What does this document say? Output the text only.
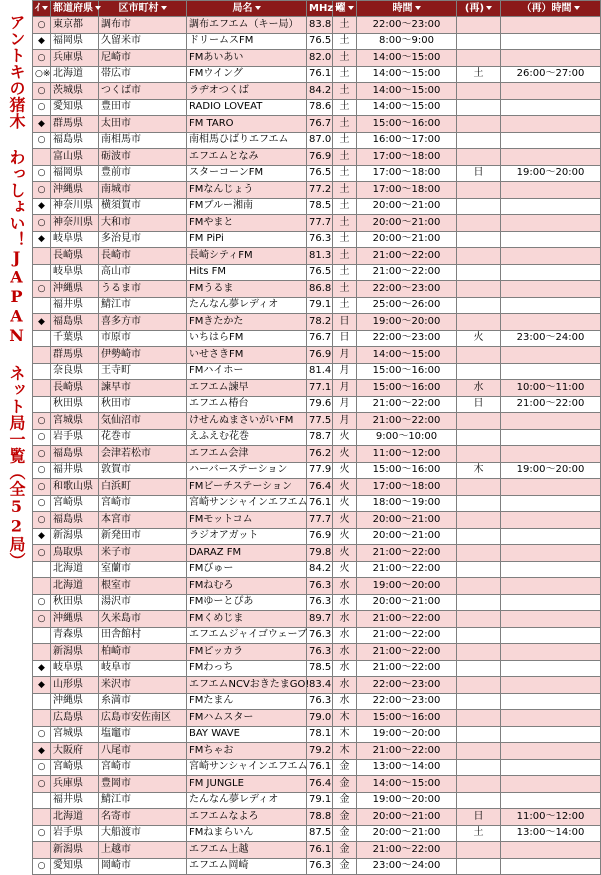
アントキの猪木 わっしょい！JAPAN ネット局一覧（全52局）
ｲ	都道府県	区市町村	局名	MHz	曜	時間	(再)	（再）時間
○	東京都	調布市	調布エフエム（キー局）	83.8	土	22:00～23:00		
◆	福岡県	久留米市	ドリームスFM	76.5	土	8:00～9:00		
○	兵庫県	尼崎市	FMあいあい	82.0	土	14:00～15:00		
○※	北海道	帯広市	FMウイング	76.1	土	14:00～15:00	土	26:00～27:00
○	茨城県	つくば市	ラヂオつくば	84.2	土	14:00～15:00		
○	愛知県	豊田市	RADIO LOVEAT	78.6	土	14:00～15:00		
◆	群馬県	太田市	FM TARO	76.7	土	15:00～16:00		
○	福島県	南相馬市	南相馬ひばりエフエム	87.0	土	16:00～17:00		
	富山県	砺波市	エフエムとなみ	76.9	土	17:00～18:00		
○	福岡県	豊前市	スターコーンFM	76.5	土	17:00～18:00	日	19:00～20:00
○	沖縄県	南城市	FMなんじょう	77.2	土	17:00～18:00		
◆	神奈川県	横須賀市	FMブルー湘南	78.5	土	20:00～21:00		
○	神奈川県	大和市	FMやまと	77.7	土	20:00～21:00		
◆	岐阜県	多治見市	FM PiPi	76.3	土	20:00～21:00		
	長崎県	長崎市	長崎シティFM	81.3	土	21:00～22:00		
	岐阜県	高山市	Hits FM	76.5	土	21:00～22:00		
○	沖縄県	うるま市	FMうるま	86.8	土	22:00～23:00		
	福井県	鯖江市	たんなん夢レディオ	79.1	土	25:00～26:00		
◆	福島県	喜多方市	FMきたかた	78.2	日	19:00～20:00		
	千葉県	市原市	いちはらFM	76.7	日	22:00～23:00	火	23:00～24:00
	群馬県	伊勢崎市	いせさきFM	76.9	月	14:00～15:00		
	奈良県	王寺町	FMハイホー	81.4	月	15:00～16:00		
	長崎県	諫早市	エフエム諫早	77.1	月	15:00～16:00	水	10:00～11:00
	秋田県	秋田市	エフエム椿台	79.6	月	21:00～22:00	日	21:00～22:00
○	宮城県	気仙沼市	けせんぬまさいがいFM	77.5	月	21:00～22:00		
○	岩手県	花巻市	えふえむ花巻	78.7	火	9:00～10:00		
○	福島県	会津若松市	エフエム会津	76.2	火	11:00～12:00		
○	福井県	敦賀市	ハーバーステーション	77.9	火	15:00～16:00	木	19:00～20:00
○	和歌山県	白浜町	FMビーチステーション	76.4	火	17:00～18:00		
○	宮崎県	宮崎市	宮崎サンシャインエフエム	76.1	火	18:00～19:00		
○	福島県	本宮市	FMモットコム	77.7	火	20:00～21:00		
◆	新潟県	新発田市	ラジオアガット	76.9	火	20:00～21:00		
○	鳥取県	米子市	DARAZ FM	79.8	火	21:00～22:00		
	北海道	室蘭市	FMびゅー	84.2	火	21:00～22:00		
	北海道	根室市	FMねむろ	76.3	水	19:00～20:00		
○	秋田県	湯沢市	FMゆーとぴあ	76.3	水	20:00～21:00		
○	沖縄県	久米島市	FMくめじま	89.7	水	21:00～22:00		
	青森県	田舎館村	エフエムジャイゴウェーブ	76.3	水	21:00～22:00		
	新潟県	柏崎市	FMピッカラ	76.3	水	21:00～22:00		
◆	岐阜県	岐阜市	FMわっち	78.5	水	21:00～22:00		
◆	山形県	米沢市	エフエムNCVおきたまGO!	83.4	水	22:00～23:00		
	沖縄県	糸満市	FMたまん	76.3	水	22:00～23:00		
	広島県	広島市安佐南区	FMハムスター	79.0	木	15:00～16:00		
○	宮城県	塩竈市	BAY WAVE	78.1	木	19:00～20:00		
◆	大阪府	八尾市	FMちゃお	79.2	木	21:00～22:00		
○	宮崎県	宮崎市	宮崎サンシャインエフエム	76.1	金	13:00～14:00		
○	兵庫県	豊岡市	FM JUNGLE	76.4	金	14:00～15:00		
	福井県	鯖江市	たんなん夢レディオ	79.1	金	19:00～20:00		
	北海道	名寄市	エフエムなよろ	78.8	金	20:00～21:00	日	11:00～12:00
○	岩手県	大船渡市	FMねまらいん	87.5	金	20:00～21:00	土	13:00～14:00
	新潟県	上越市	エフエム上越	76.1	金	21:00～22:00		
○	愛知県	岡崎市	エフエム岡崎	76.3	金	23:00～24:00		
